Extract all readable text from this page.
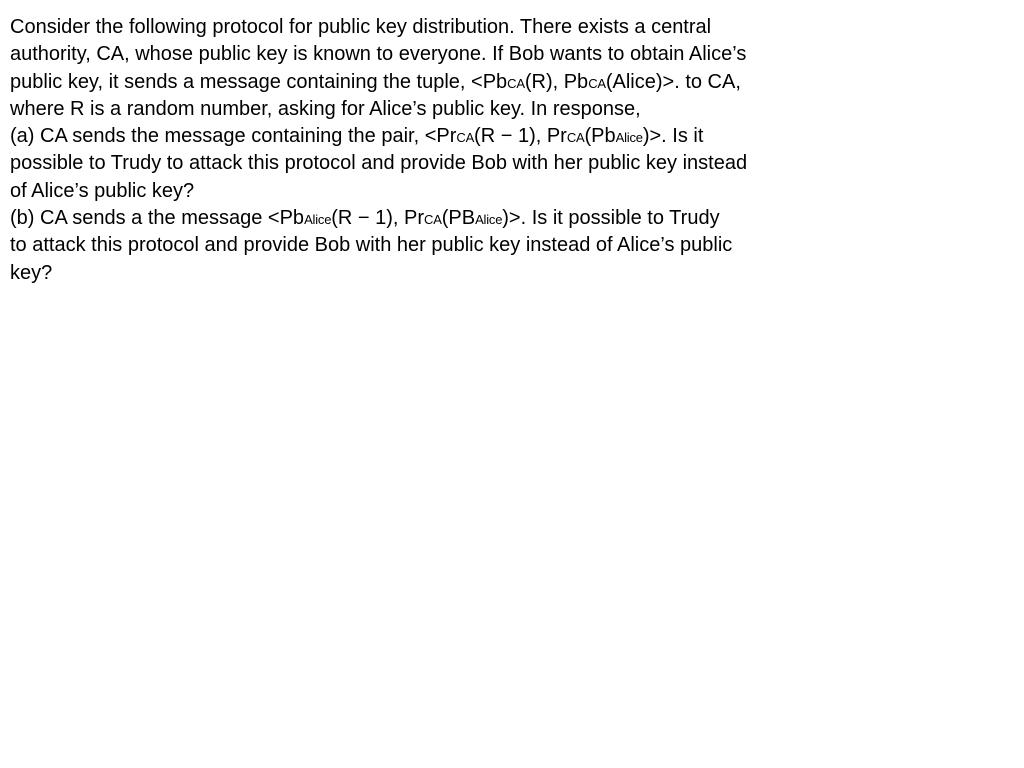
Consider the following protocol for public key distribution. There exists a central
authority, CA, whose public key is known to everyone. If Bob wants to obtain Alice’s
public key, it sends a message containing the tuple, <PbCA(R), PbCA(Alice)>. to CA,
where R is a random number, asking for Alice’s public key. In response,
(a) CA sends the message containing the pair, <PrCA(R − 1), PrCA(PbAlice)>. Is it
possible to Trudy to attack this protocol and provide Bob with her public key instead
of Alice’s public key?
(b) CA sends a the message <PbAlice(R − 1), PrCA(PBAlice)>. Is it possible to Trudy
to attack this protocol and provide Bob with her public key instead of Alice’s public
key?
